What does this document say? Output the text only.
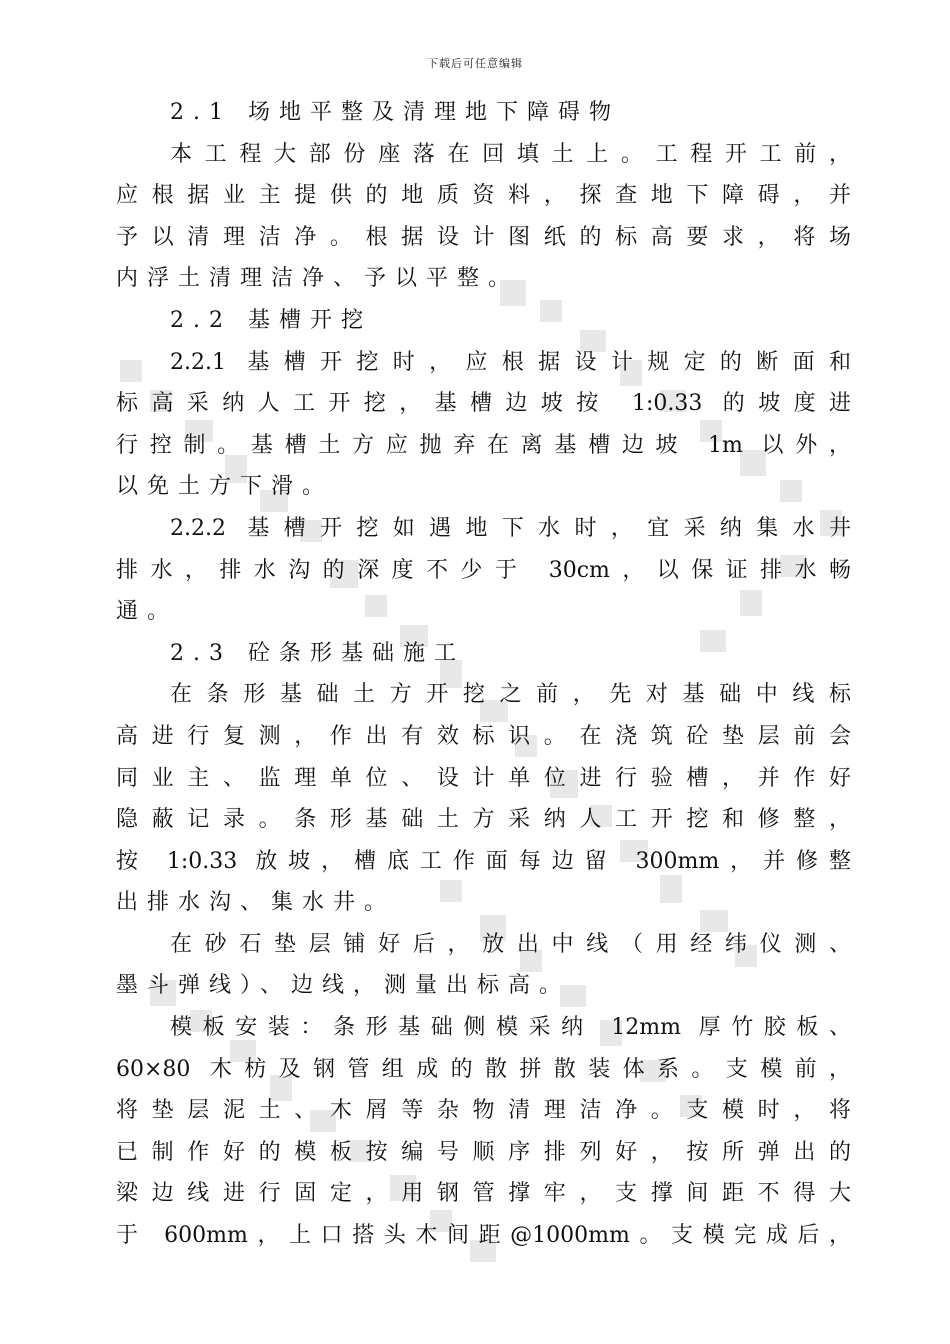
下载后可任意编辑
2.1 场地平整及清理地下障碍物
本工程大部份座落在回填土上。工程开工前，
应根据业主提供的地质资料，探查地下障碍，并
予以清理洁净。根据设计图纸的标高要求，将场
内浮土清理洁净、予以平整。
2.2 基槽开挖
2.2.1 基槽开挖时，应根据设计规定的断面和
标高采纳人工开挖，基槽边坡按 1:0.33 的坡度进
行控制。基槽土方应抛弃在离基槽边坡 1m 以外，
以免土方下滑。
2.2.2 基槽开挖如遇地下水时，宜采纳集水井
排水，排水沟的深度不少于 30cm，以保证排水畅
通。
2.3 砼条形基础施工
在条形基础土方开挖之前，先对基础中线标
高进行复测，作出有效标识。在浇筑砼垫层前会
同业主、监理单位、设计单位进行验槽，并作好
隐蔽记录。条形基础土方采纳人工开挖和修整，
按 1:0.33 放坡，槽底工作面每边留 300mm，并修整
出排水沟、集水井。
在砂石垫层铺好后，放出中线（用经纬仪测、
墨斗弹线）、边线，测量出标高。
模板安装：条形基础侧模采纳 12mm 厚竹胶板、
60×80 木枋及钢管组成的散拼散装体系。支模前，
将垫层泥土、木屑等杂物清理洁净。支模时，将
已制作好的模板按编号顺序排列好，按所弹出的
梁边线进行固定，用钢管撑牢，支撑间距不得大
于 600mm，上口搭头木间距@1000mm。支模完成后，
